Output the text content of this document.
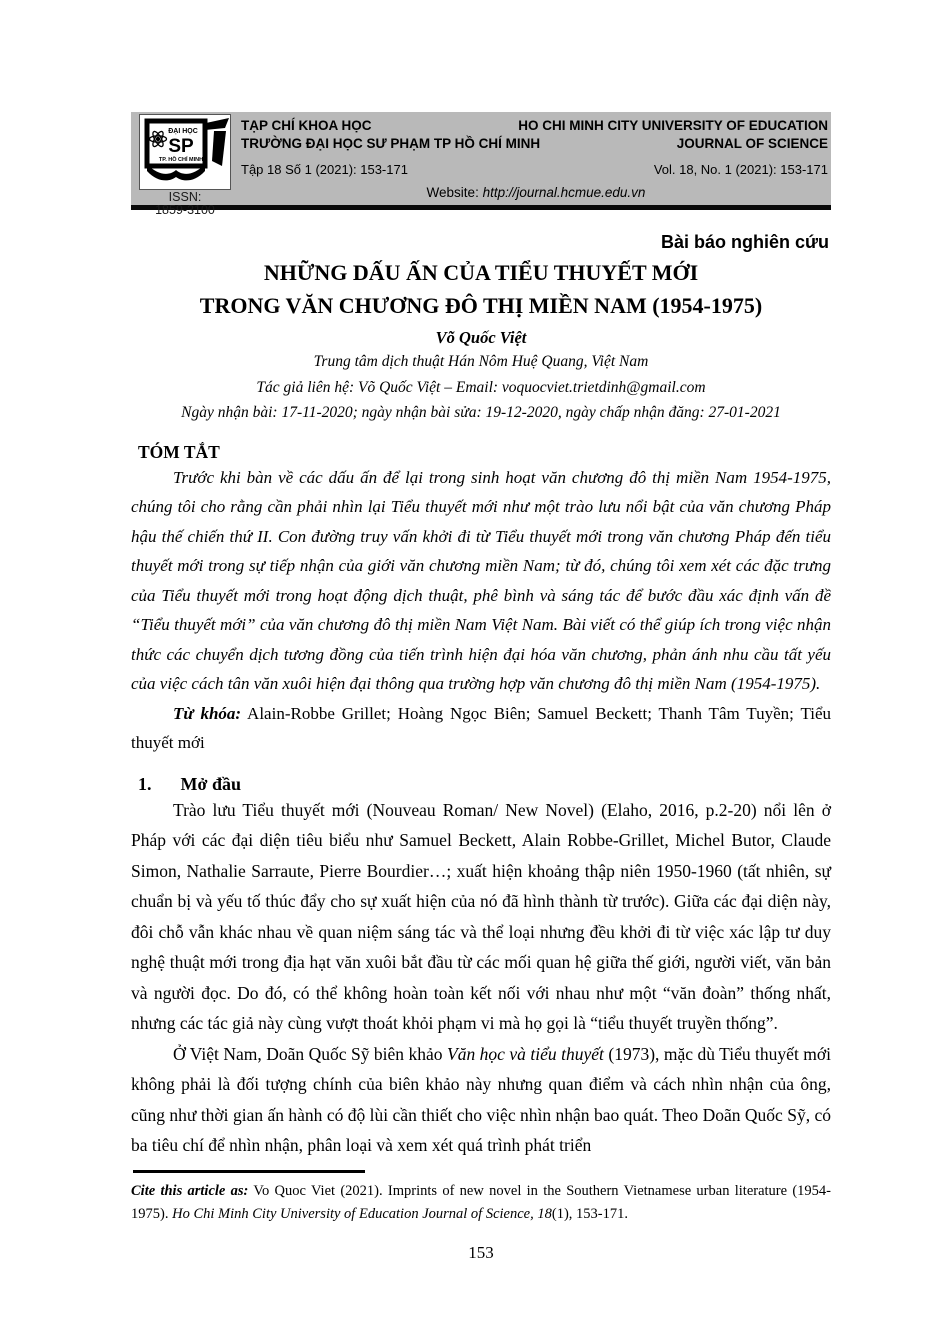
ĐẠI HỌC
SP
TP. HỒ CHÍ MINH
ISSN:
1859-3100
TẠP CHÍ KHOA HỌC
TRƯỜNG ĐẠI HỌC SƯ PHẠM TP HỒ CHÍ MINH
HO CHI MINH CITY UNIVERSITY OF EDUCATION
JOURNAL OF SCIENCE
Tập 18 Số 1 (2021): 153-171	Vol. 18, No. 1 (2021): 153-171
Website: http://journal.hcmue.edu.vn
Bài báo nghiên cứu
NHỮNG DẤU ẤN CỦA TIỂU THUYẾT MỚI
TRONG VĂN CHƯƠNG ĐÔ THỊ MIỀN NAM (1954-1975)
Võ Quốc Việt
Trung tâm dịch thuật Hán Nôm Huệ Quang, Việt Nam
Tác giả liên hệ: Võ Quốc Việt – Email: voquocviet.trietdinh@gmail.com
Ngày nhận bài: 17-11-2020; ngày nhận bài sửa: 19-12-2020, ngày chấp nhận đăng: 27-01-2021
TÓM TẮT

Trước khi bàn về các dấu ấn để lại trong sinh hoạt văn chương đô thị miền Nam 1954-1975, chúng tôi cho rằng cần phải nhìn lại Tiểu thuyết mới như một trào lưu nổi bật của văn chương Pháp hậu thế chiến thứ II. Con đường truy vấn khởi đi từ Tiểu thuyết mới trong văn chương Pháp đến tiểu thuyết mới trong sự tiếp nhận của giới văn chương miền Nam; từ đó, chúng tôi xem xét các đặc trưng của Tiểu thuyết mới trong hoạt động dịch thuật, phê bình và sáng tác để bước đầu xác định vấn đề “Tiểu thuyết mới” của văn chương đô thị miền Nam Việt Nam. Bài viết có thể giúp ích trong việc nhận thức các chuyển dịch tương đồng của tiến trình hiện đại hóa văn chương, phản ánh nhu cầu tất yếu của việc cách tân văn xuôi hiện đại thông qua trường hợp văn chương đô thị miền Nam (1954-1975).

Từ khóa: Alain-Robbe Grillet; Hoàng Ngọc Biên; Samuel Beckett; Thanh Tâm Tuyền; Tiểu thuyết mới

1. Mở đầu

Trào lưu Tiểu thuyết mới (Nouveau Roman/ New Novel) (Elaho, 2016, p.2-20) nổi lên ở Pháp với các đại diện tiêu biểu như Samuel Beckett, Alain Robbe-Grillet, Michel Butor, Claude Simon, Nathalie Sarraute, Pierre Bourdier…; xuất hiện khoảng thập niên 1950-1960 (tất nhiên, sự chuẩn bị và yếu tố thúc đẩy cho sự xuất hiện của nó đã hình thành từ trước). Giữa các đại diện này, đôi chỗ vẫn khác nhau về quan niệm sáng tác và thể loại nhưng đều khởi đi từ việc xác lập tư duy nghệ thuật mới trong địa hạt văn xuôi bắt đầu từ các mối quan hệ giữa thế giới, người viết, văn bản và người đọc. Do đó, có thể không hoàn toàn kết nối với nhau như một “văn đoàn” thống nhất, nhưng các tác giả này cùng vượt thoát khỏi phạm vi mà họ gọi là “tiểu thuyết truyền thống”.

Ở Việt Nam, Doãn Quốc Sỹ biên khảo Văn học và tiểu thuyết (1973), mặc dù Tiểu thuyết mới không phải là đối tượng chính của biên khảo này nhưng quan điểm và cách nhìn nhận của ông, cũng như thời gian ấn hành có độ lùi cần thiết cho việc nhìn nhận bao quát. Theo Doãn Quốc Sỹ, có ba tiêu chí để nhìn nhận, phân loại và xem xét quá trình phát triển

Cite this article as: Vo Quoc Viet (2021). Imprints of new novel in the Southern Vietnamese urban literature (1954-1975). Ho Chi Minh City University of Education Journal of Science, 18(1), 153-171.
153
